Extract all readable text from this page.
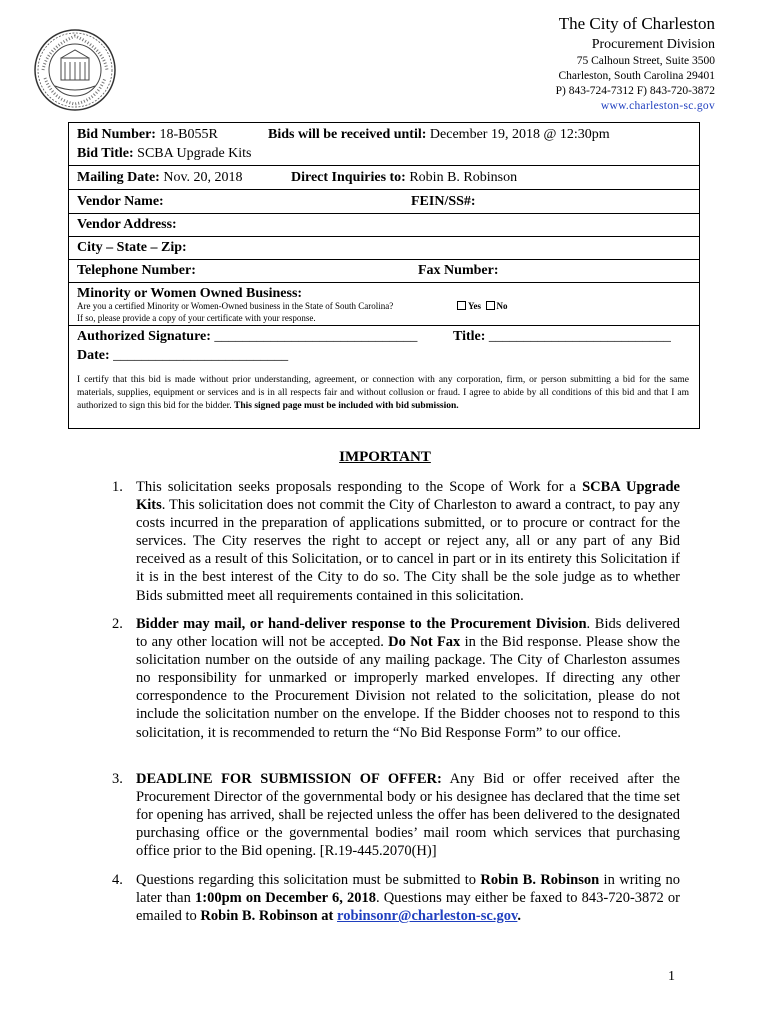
The City of Charleston
Procurement Division
75 Calhoun Street, Suite 3500
Charleston, South Carolina 29401
P) 843-724-7312 F) 843-720-3872
www.charleston-sc.gov
Bid Number: 18-B055R	Bids will be received until: December 19, 2018 @ 12:30pm
Bid Title: SCBA Upgrade Kits
Mailing Date: Nov. 20, 2018	Direct Inquiries to: Robin B. Robinson
Vendor Name:	FEIN/SS#:
Vendor Address:
City – State – Zip:
Telephone Number:	Fax Number:
Minority or Women Owned Business:
Are you a certified Minority or Women-Owned business in the State of South Carolina?	Yes No
If so, please provide a copy of your certificate with your response.
Authorized Signature: _____________________________	Title: __________________________
Date: _________________________
I certify that this bid is made without prior understanding, agreement, or connection with any corporation, firm, or person submitting a bid for the same materials, supplies, equipment or services and is in all respects fair and without collusion or fraud. I agree to abide by all conditions of this bid and that I am authorized to sign this bid for the bidder. This signed page must be included with bid submission.
IMPORTANT
1. This solicitation seeks proposals responding to the Scope of Work for a SCBA Upgrade Kits. This solicitation does not commit the City of Charleston to award a contract, to pay any costs incurred in the preparation of applications submitted, or to procure or contract for the services. The City reserves the right to accept or reject any, all or any part of any Bid received as a result of this Solicitation, or to cancel in part or in its entirety this Solicitation if it is in the best interest of the City to do so. The City shall be the sole judge as to whether Bids submitted meet all requirements contained in this solicitation.
2. Bidder may mail, or hand-deliver response to the Procurement Division. Bids delivered to any other location will not be accepted. Do Not Fax in the Bid response. Please show the solicitation number on the outside of any mailing package. The City of Charleston assumes no responsibility for unmarked or improperly marked envelopes. If directing any other correspondence to the Procurement Division not related to the solicitation, please do not include the solicitation number on the envelope. If the Bidder chooses not to respond to this solicitation, it is recommended to return the “No Bid Response Form” to our office.
3. DEADLINE FOR SUBMISSION OF OFFER: Any Bid or offer received after the Procurement Director of the governmental body or his designee has declared that the time set for opening has arrived, shall be rejected unless the offer has been delivered to the designated purchasing office or the governmental bodies’ mail room which services that purchasing office prior to the Bid opening. [R.19-445.2070(H)]
4. Questions regarding this solicitation must be submitted to Robin B. Robinson in writing no later than 1:00pm on December 6, 2018. Questions may either be faxed to 843-720-3872 or emailed to Robin B. Robinson at robinsonr@charleston-sc.gov.
1
